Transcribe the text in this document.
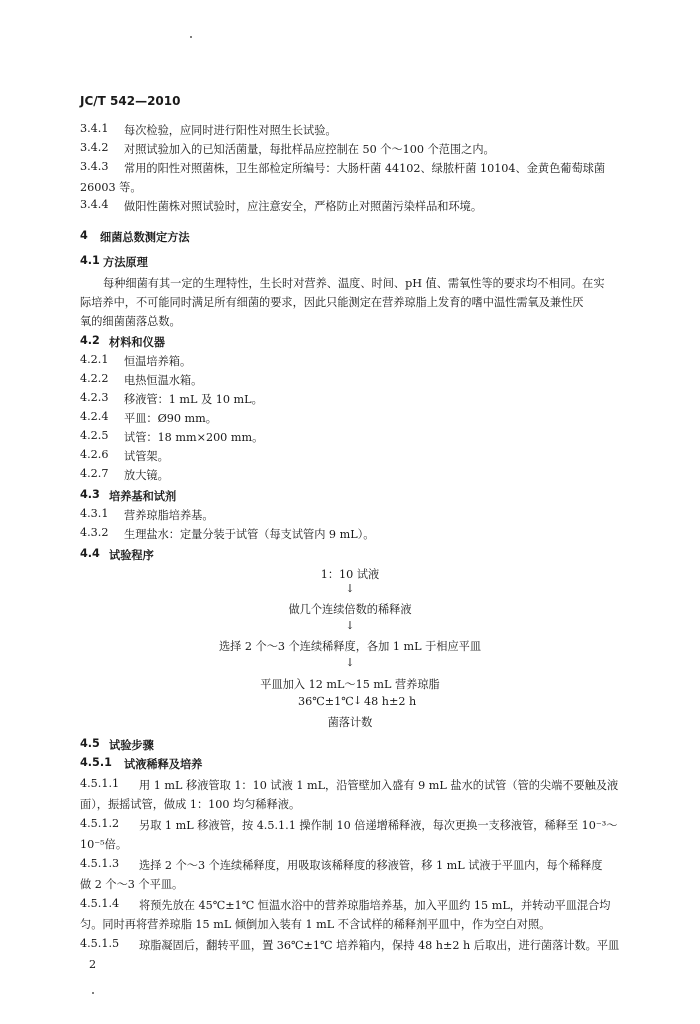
JC/T 542—2010
3.4.1 每次检验，应同时进行阳性对照生长试验。
3.4.2 对照试验加入的已知活菌量，每批样品应控制在 50 个～100 个范围之内。
3.4.3 常用的阳性对照菌株，卫生部检定所编号：大肠杆菌 44102、绿脓杆菌 10104、金黄色葡萄球菌
26003 等。
3.4.4 做阳性菌株对照试验时，应注意安全，严格防止对照菌污染样品和环境。
4 细菌总数测定方法
4.1 方法原理
每种细菌有其一定的生理特性，生长时对营养、温度、时间、pH 值、需氧性等的要求均不相同。在实
际培养中，不可能同时满足所有细菌的要求，因此只能测定在营养琼脂上发育的嗜中温性需氧及兼性厌
氧的细菌菌落总数。
4.2 材料和仪器
4.2.1 恒温培养箱。
4.2.2 电热恒温水箱。
4.2.3 移液管：1 mL 及 10 mL。
4.2.4 平皿：Ø90 mm。
4.2.5 试管：18 mm×200 mm。
4.2.6 试管架。
4.2.7 放大镜。
4.3 培养基和试剂
4.3.1 营养琼脂培养基。
4.3.2 生理盐水：定量分装于试管（每支试管内 9 mL）。
4.4 试验程序
1：10 试液
↓
做几个连续倍数的稀释液
↓
选择 2 个～3 个连续稀释度，各加 1 mL 于相应平皿
↓
平皿加入 12 mL～15 mL 营养琼脂
36℃±1℃ ↓ 48 h±2 h
菌落计数
4.5 试验步骤
4.5.1 试液稀释及培养
4.5.1.1 用 1 mL 移液管取 1：10 试液 1 mL，沿管壁加入盛有 9 mL 盐水的试管（管的尖端不要触及液
面），振摇试管，做成 1：100 均匀稀释液。
4.5.1.2 另取 1 mL 移液管，按 4.5.1.1 操作制 10 倍递增稀释液，每次更换一支移液管，稀释至 10⁻³～
10⁻⁵倍。
4.5.1.3 选择 2 个～3 个连续稀释度，用吸取该稀释度的移液管，移 1 mL 试液于平皿内，每个稀释度
做 2 个～3 个平皿。
4.5.1.4 将预先放在 45℃±1℃ 恒温水浴中的营养琼脂培养基，加入平皿约 15 mL，并转动平皿混合均
匀。同时再将营养琼脂 15 mL 倾倒加入装有 1 mL 不含试样的稀释剂平皿中，作为空白对照。
4.5.1.5 琼脂凝固后，翻转平皿，置 36℃±1℃ 培养箱内，保持 48 h±2 h 后取出，进行菌落计数。平皿
2
